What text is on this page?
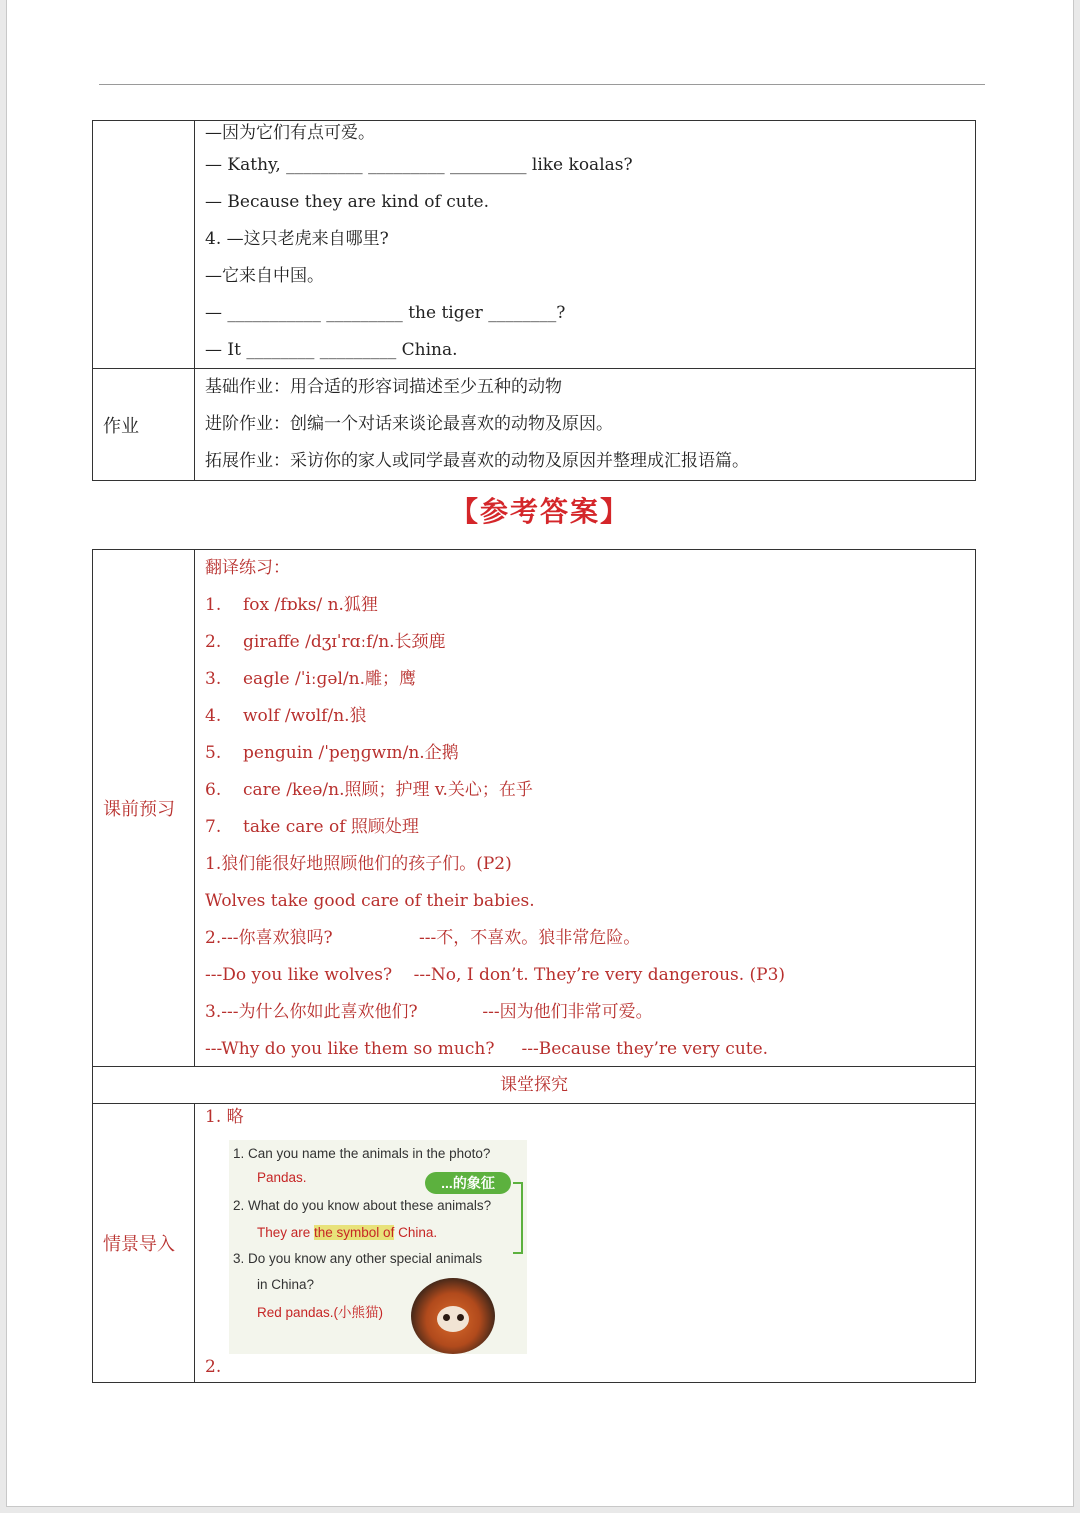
—因为它们有点可爱。
— Kathy, _________ _________ _________ like koalas?
— Because they are kind of cute.
4. —这只老虎来自哪里?
—它来自中国。
— ___________ _________ the tiger ________?
— It ________ _________ China.
作业
基础作业：用合适的形容词描述至少五种的动物
进阶作业：创编一个对话来谈论最喜欢的动物及原因。
拓展作业：采访你的家人或同学最喜欢的动物及原因并整理成汇报语篇。
【参考答案】
课前预习
翻译练习：
1. fox /fɒks/ n.狐狸
2. giraffe /dʒɪˈrɑːf/n.长颈鹿
3. eagle /ˈiːɡəl/n.雕；鹰
4. wolf /wʊlf/n.狼
5. penguin /ˈpeŋɡwɪn/n.企鹅
6. care /keə/n.照顾；护理 v.关心；在乎
7. take care of 照顾处理
1.狼们能很好地照顾他们的孩子们。(P2)
Wolves take good care of their babies.
2.---你喜欢狼吗?                ---不，不喜欢。狼非常危险。
---Do you like wolves?    ---No, I don’t. They’re very dangerous. (P3)
3.---为什么你如此喜欢他们?            ---因为他们非常可爱。
---Why do you like them so much?     ---Because they’re very cute.
课堂探究
情景导入
1. 略
1. Can you name the animals in the photo?
Pandas.	...的象征
2. What do you know about these animals?
They are the symbol of China.
3. Do you know any other special animals
in China?
Red pandas.(小熊猫)
2.
